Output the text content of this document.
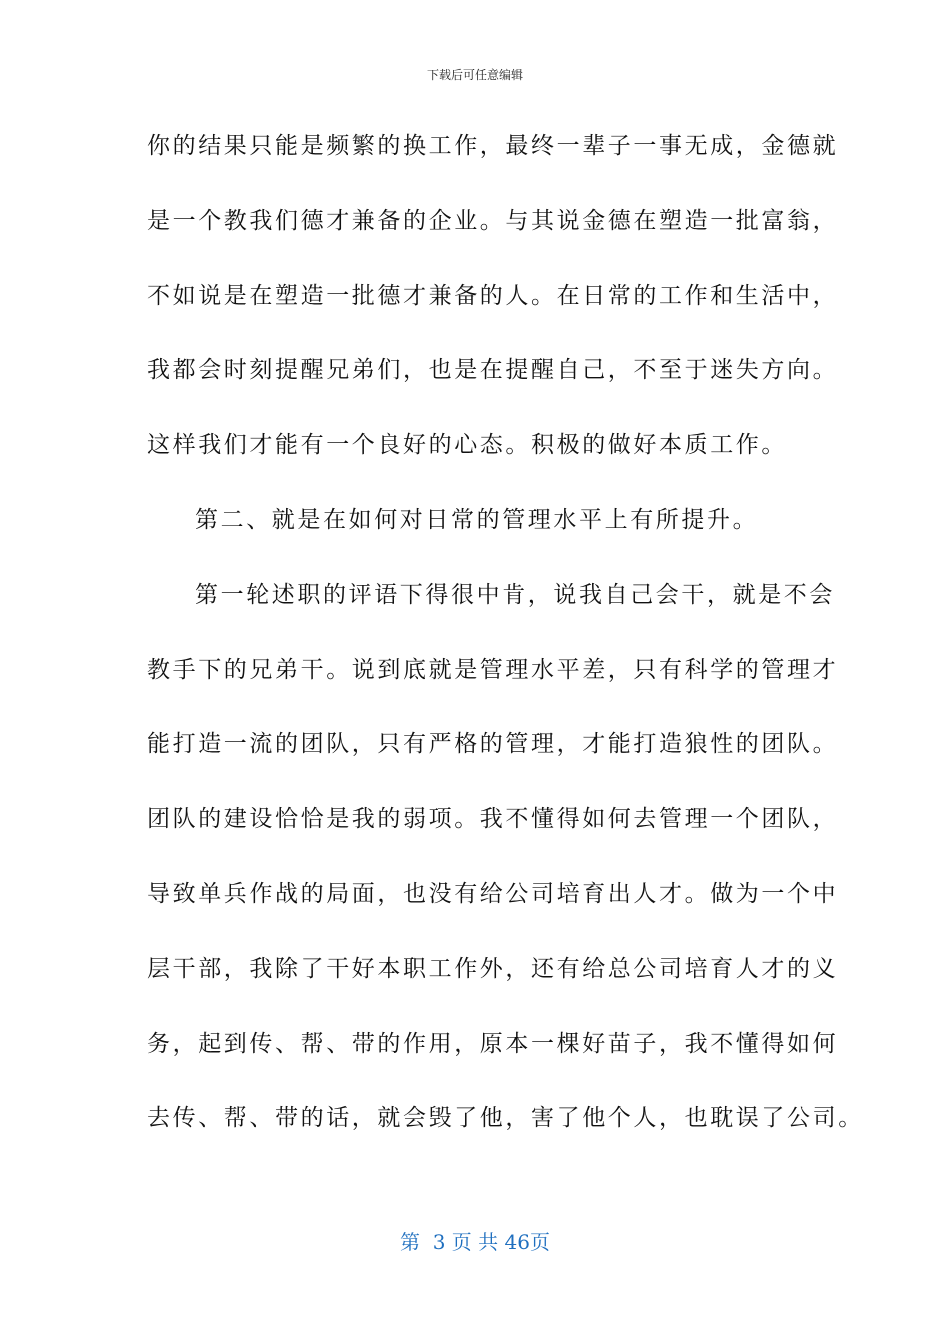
下载后可任意编辑
你的结果只能是频繁的换工作，最终一辈子一事无成，金德就
是一个教我们德才兼备的企业。与其说金德在塑造一批富翁，
不如说是在塑造一批德才兼备的人。在日常的工作和生活中，
我都会时刻提醒兄弟们，也是在提醒自己，不至于迷失方向。
这样我们才能有一个良好的心态。积极的做好本质工作。
第二、就是在如何对日常的管理水平上有所提升。
第一轮述职的评语下得很中肯，说我自己会干，就是不会
教手下的兄弟干。说到底就是管理水平差，只有科学的管理才
能打造一流的团队，只有严格的管理，才能打造狼性的团队。
团队的建设恰恰是我的弱项。我不懂得如何去管理一个团队，
导致单兵作战的局面，也没有给公司培育出人才。做为一个中
层干部，我除了干好本职工作外，还有给总公司培育人才的义
务，起到传、帮、带的作用，原本一棵好苗子，我不懂得如何
去传、帮、带的话，就会毁了他，害了他个人，也耽误了公司。
第  3 页 共 46页
